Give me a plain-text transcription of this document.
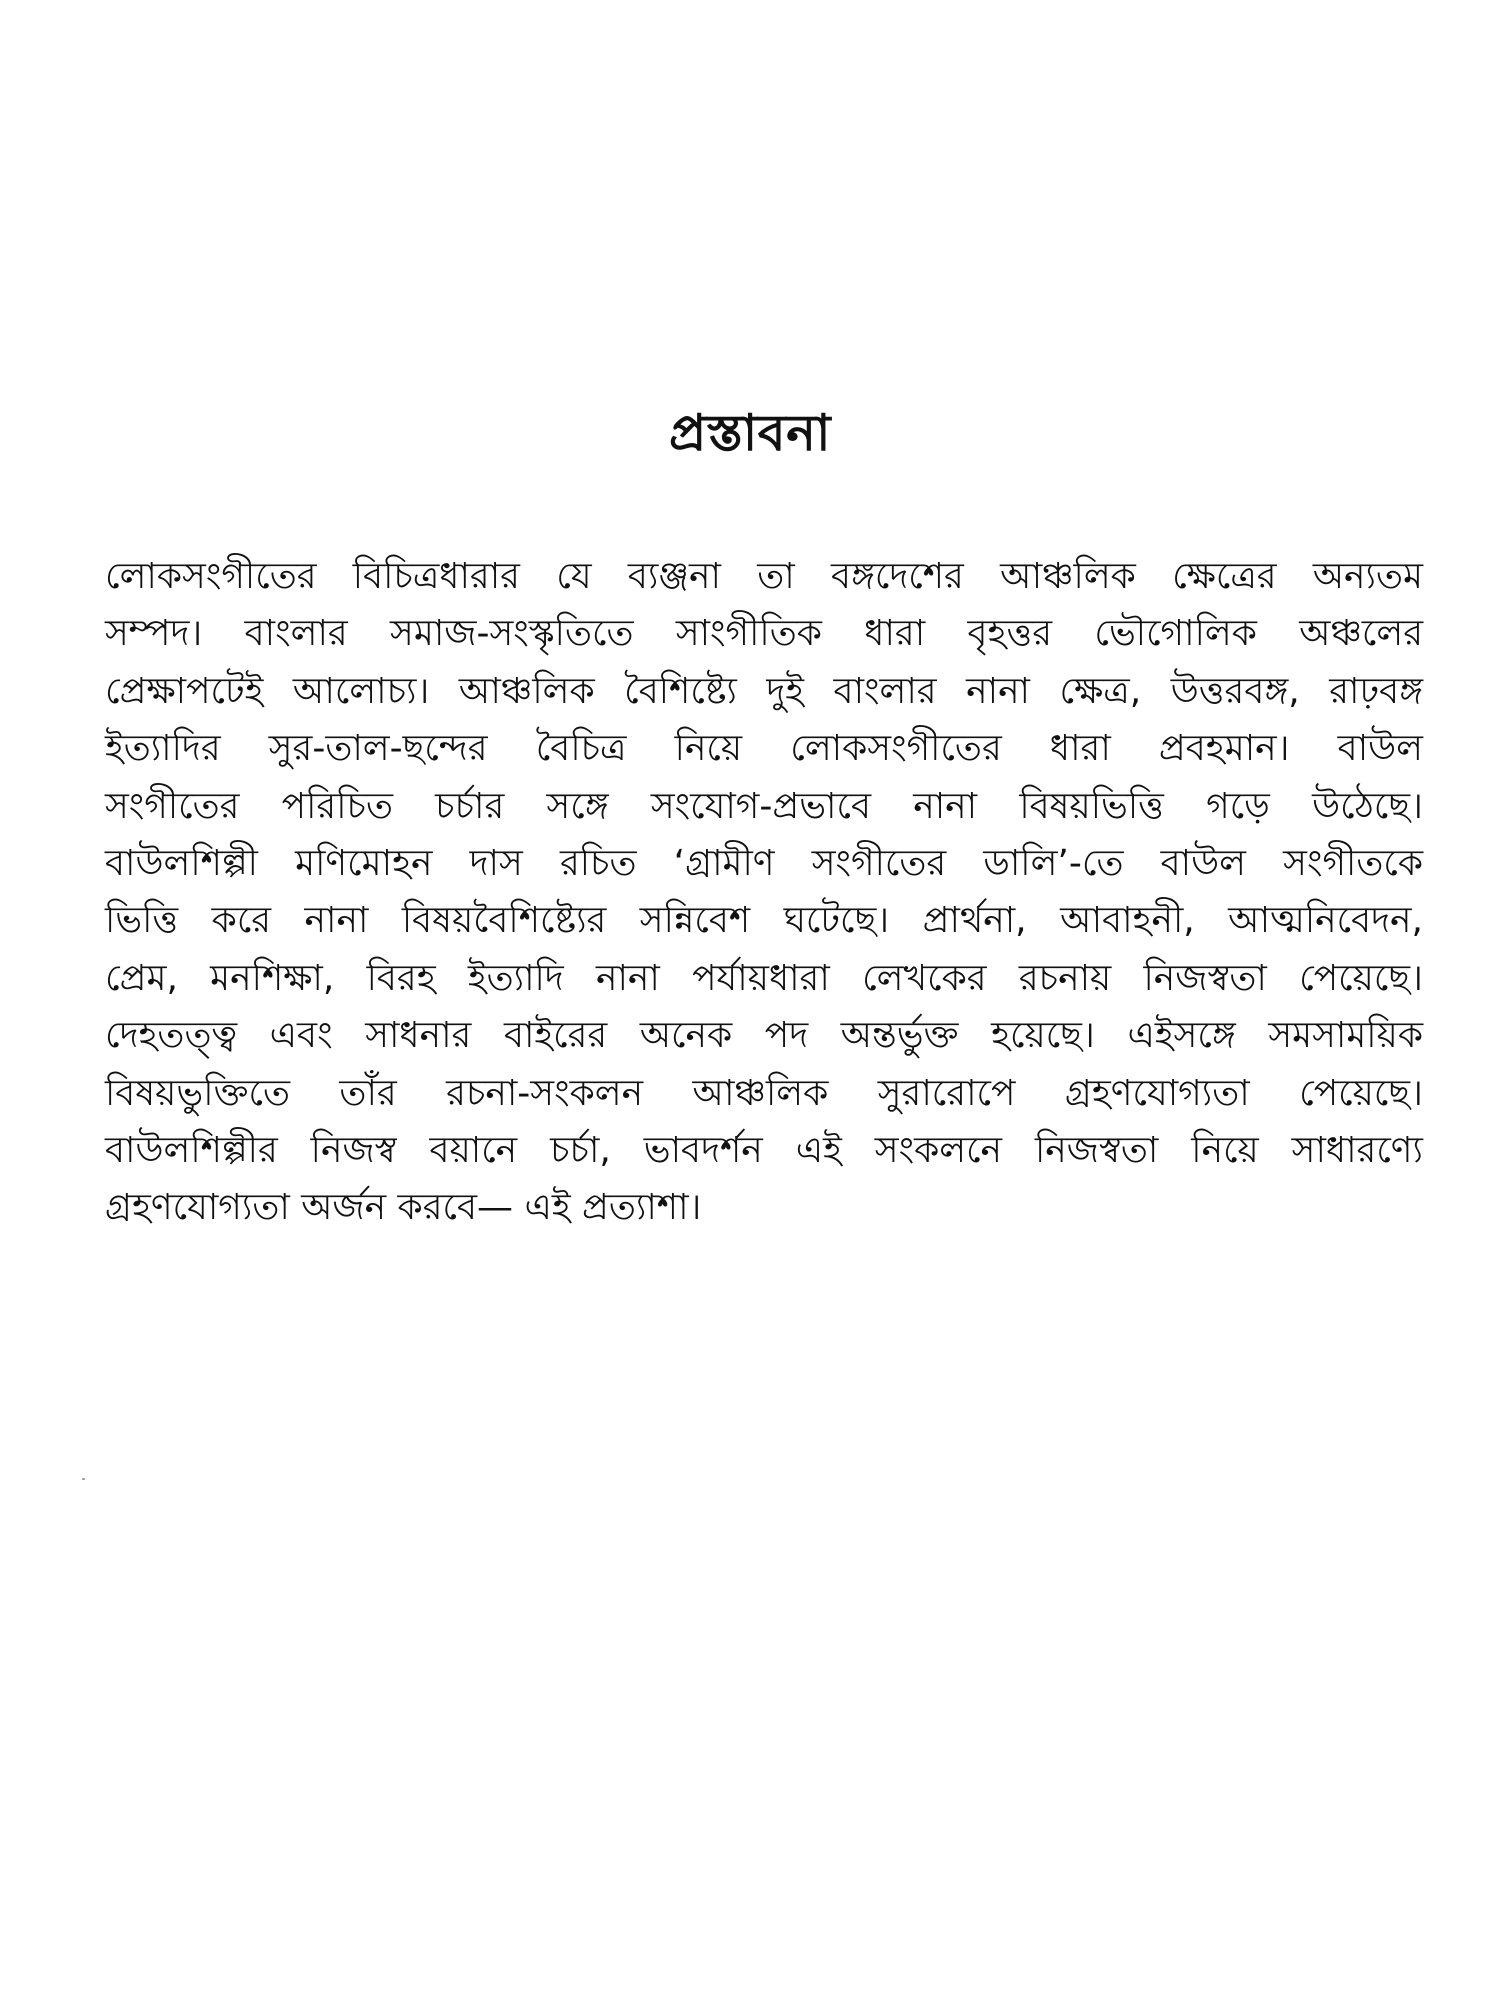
প্রস্তাবনা
লোকসংগীতের বিচিত্রধারার যে ব্যঞ্জনা তা বঙ্গদেশের আঞ্চলিক ক্ষেত্রের অন্যতম
সম্পদ। বাংলার সমাজ-সংস্কৃতিতে সাংগীতিক ধারা বৃহত্তর ভৌগোলিক অঞ্চলের
প্রেক্ষাপটেই আলোচ্য। আঞ্চলিক বৈশিষ্ট্যে দুই বাংলার নানা ক্ষেত্র, উত্তরবঙ্গ, রাঢ়বঙ্গ
ইত্যাদির সুর-তাল-ছন্দের বৈচিত্র নিয়ে লোকসংগীতের ধারা প্রবহমান। বাউল
সংগীতের পরিচিত চর্চার সঙ্গে সংযোগ-প্রভাবে নানা বিষয়ভিত্তি গড়ে উঠেছে।
বাউলশিল্পী মণিমোহন দাস রচিত ‘গ্রামীণ সংগীতের ডালি’-তে বাউল সংগীতকে
ভিত্তি করে নানা বিষয়বৈশিষ্ট্যের সন্নিবেশ ঘটেছে। প্রার্থনা, আবাহনী, আত্মনিবেদন,
প্রেম, মনশিক্ষা, বিরহ ইত্যাদি নানা পর্যায়ধারা লেখকের রচনায় নিজস্বতা পেয়েছে।
দেহতত্ত্ব এবং সাধনার বাইরের অনেক পদ অন্তর্ভুক্ত হয়েছে। এইসঙ্গে সমসাময়িক
বিষয়ভুক্তিতে তাঁর রচনা-সংকলন আঞ্চলিক সুরারোপে গ্রহণযোগ্যতা পেয়েছে।
বাউলশিল্পীর নিজস্ব বয়ানে চর্চা, ভাবদর্শন এই সংকলনে নিজস্বতা নিয়ে সাধারণ্যে
গ্রহণযোগ্যতা অর্জন করবে— এই প্রত্যাশা।
